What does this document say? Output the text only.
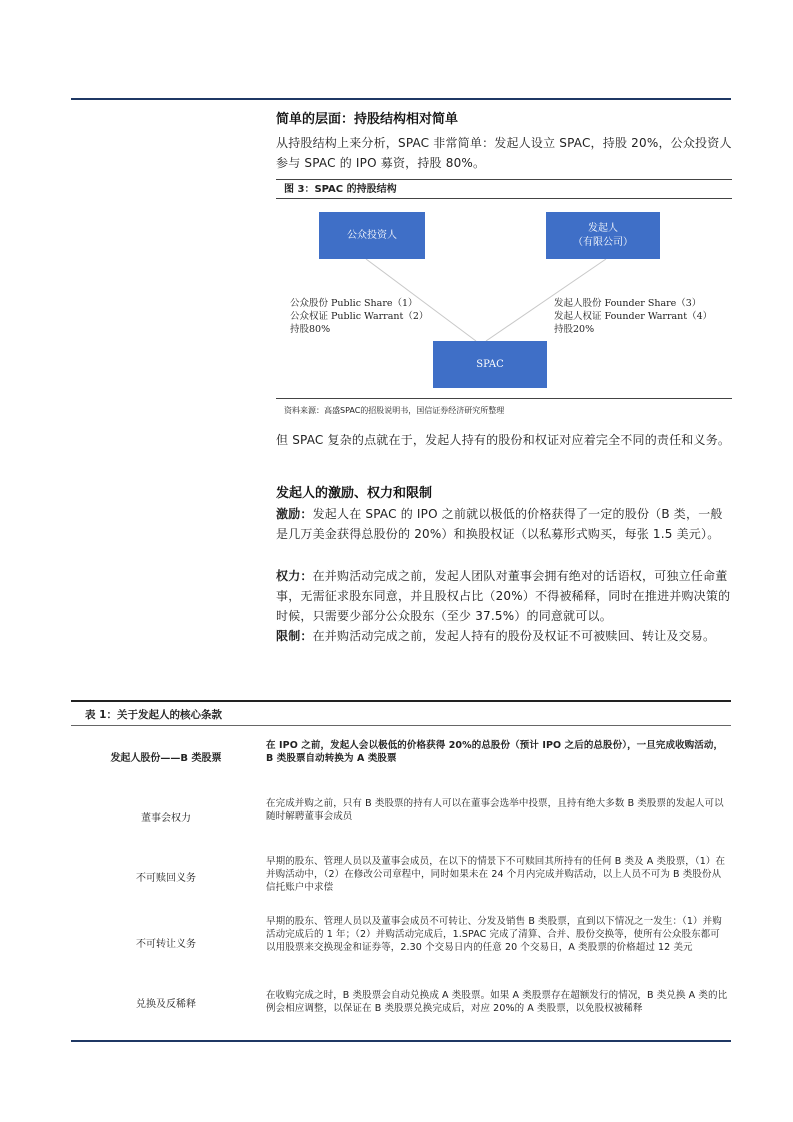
简单的层面：持股结构相对简单
从持股结构上来分析，SPAC 非常简单：发起人设立 SPAC，持股 20%，公众投资人参与 SPAC 的 IPO 募资，持股 80%。
图 3：SPAC 的持股结构
公众投资人
发起人
（有限公司）
SPAC
公众股份 Public Share（1）
公众权证 Public Warrant（2）
持股80%
发起人股份 Founder Share（3）
发起人权证 Founder Warrant（4）
持股20%
资料来源：高盛SPAC的招股说明书，国信证券经济研究所整理
但 SPAC 复杂的点就在于，发起人持有的股份和权证对应着完全不同的责任和义务。
发起人的激励、权力和限制
激励：发起人在 SPAC 的 IPO 之前就以极低的价格获得了一定的股份（B 类，一般是几万美金获得总股份的 20%）和换股权证（以私募形式购买，每张 1.5 美元）。
权力：在并购活动完成之前，发起人团队对董事会拥有绝对的话语权，可独立任命董事，无需征求股东同意，并且股权占比（20%）不得被稀释，同时在推进并购决策的时候，只需要少部分公众股东（至少 37.5%）的同意就可以。
限制：在并购活动完成之前，发起人持有的股份及权证不可被赎回、转让及交易。
表 1：关于发起人的核心条款
发起人股份——B 类股票
在 IPO 之前，发起人会以极低的价格获得 20%的总股份（预计 IPO 之后的总股份），一旦完成收购活动，B 类股票自动转换为 A 类股票
董事会权力
在完成并购之前，只有 B 类股票的持有人可以在董事会选举中投票，且持有绝大多数 B 类股票的发起人可以随时解聘董事会成员
不可赎回义务
早期的股东、管理人员以及董事会成员，在以下的情景下不可赎回其所持有的任何 B 类及 A 类股票，（1）在并购活动中，（2）在修改公司章程中，同时如果未在 24 个月内完成并购活动，以上人员不可为 B 类股份从信托账户中求偿
不可转让义务
早期的股东、管理人员以及董事会成员不可转让、分发及销售 B 类股票，直到以下情况之一发生：（1）并购活动完成后的 1 年；（2）并购活动完成后，1.SPAC 完成了清算、合并、股份交换等，使所有公众股东都可以用股票来交换现金和证券等，2.30 个交易日内的任意 20 个交易日，A 类股票的价格超过 12 美元
兑换及反稀释
在收购完成之时，B 类股票会自动兑换成 A 类股票。如果 A 类股票存在超额发行的情况，B 类兑换 A 类的比例会相应调整，以保证在 B 类股票兑换完成后，对应 20%的 A 类股票，以免股权被稀释
